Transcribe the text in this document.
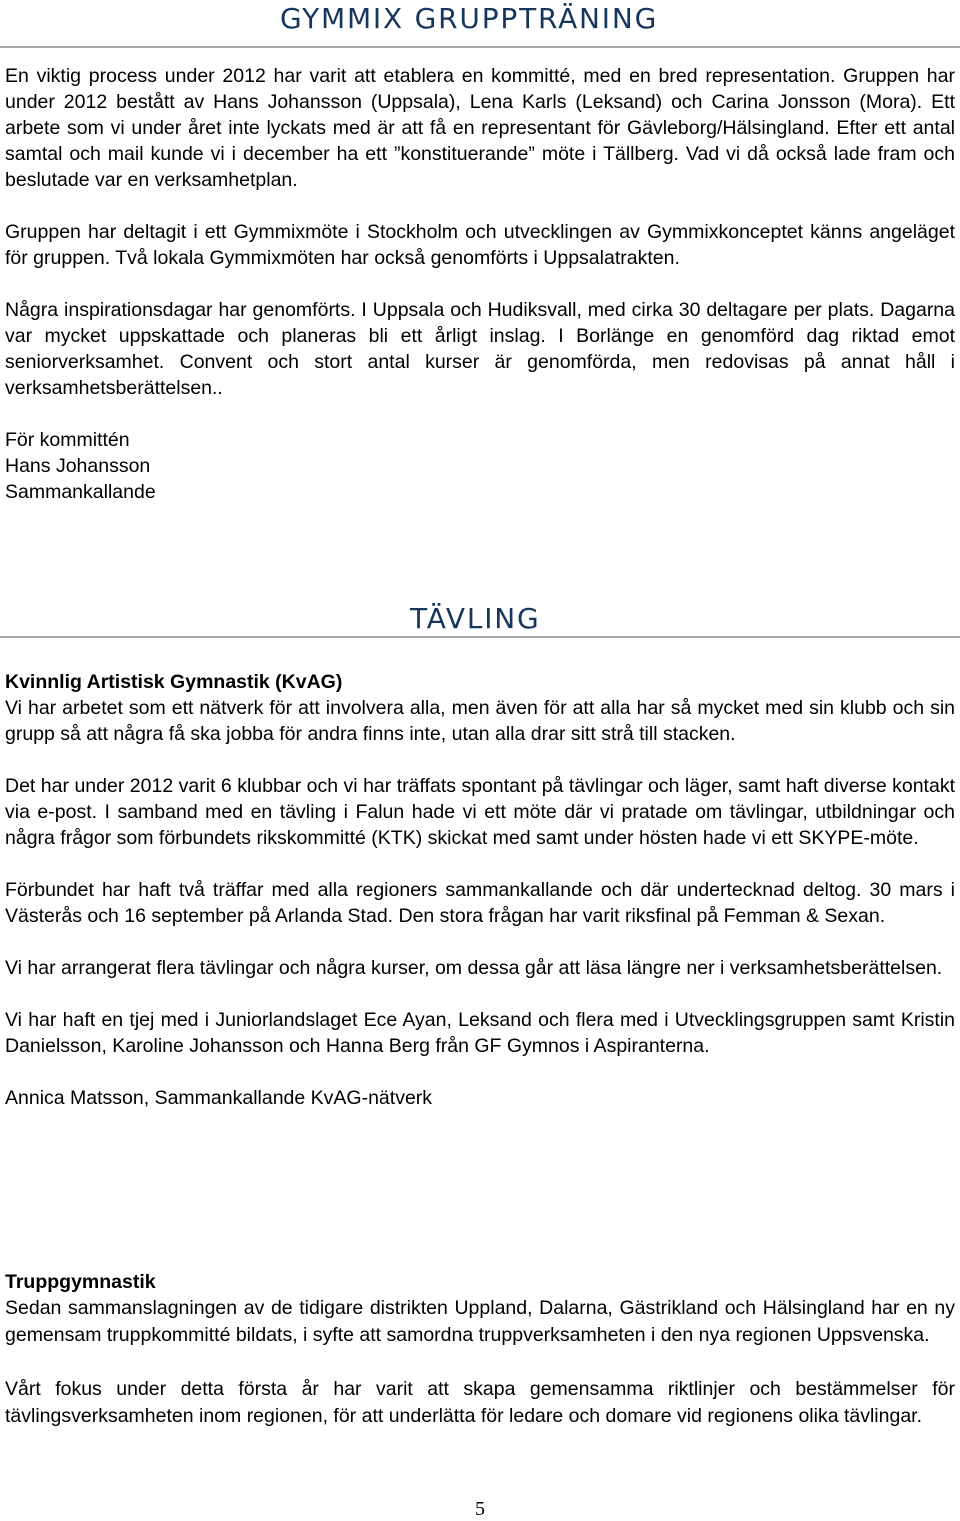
GYMMIX GRUPPTRÄNING

En viktig process under 2012 har varit att etablera en kommitté, med en bred representation. Gruppen har under 2012 bestått av Hans Johansson (Uppsala), Lena Karls (Leksand) och Carina Jonsson (Mora). Ett arbete som vi under året inte lyckats med är att få en representant för Gävleborg/Hälsingland. Efter ett antal samtal och mail kunde vi i december ha ett ”konstituerande” möte i Tällberg. Vad vi då också lade fram och beslutade var en verksamhetplan.

Gruppen har deltagit i ett Gymmixmöte i Stockholm och utvecklingen av Gymmixkonceptet känns angeläget för gruppen. Två lokala Gymmixmöten har också genomförts i Uppsalatrakten.

Några inspirationsdagar har genomförts. I Uppsala och Hudiksvall, med cirka 30 deltagare per plats. Dagarna var mycket uppskattade och planeras bli ett årligt inslag. I Borlänge en genomförd dag riktad emot seniorverksamhet. Convent och stort antal kurser är genomförda, men redovisas på annat håll i verksamhetsberättelsen..

För kommittén

Hans Johansson

Sammankallande

TÄVLING

Kvinnlig Artistisk Gymnastik (KvAG)

Vi har arbetet som ett nätverk för att involvera alla, men även för att alla har så mycket med sin klubb och sin grupp så att några få ska jobba för andra finns inte, utan alla drar sitt strå till stacken.

Det har under 2012 varit 6 klubbar och vi har träffats spontant på tävlingar och läger, samt haft diverse kontakt via e-post. I samband med en tävling i Falun hade vi ett möte där vi pratade om tävlingar, utbildningar och några frågor som förbundets rikskommitté (KTK) skickat med samt under hösten hade vi ett SKYPE-möte.

Förbundet har haft två träffar med alla regioners sammankallande och där undertecknad deltog. 30 mars i Västerås och 16 september på Arlanda Stad. Den stora frågan har varit riksfinal på Femman & Sexan.

Vi har arrangerat flera tävlingar och några kurser, om dessa går att läsa längre ner i verksamhetsberättelsen.

Vi har haft en tjej med i Juniorlandslaget Ece Ayan, Leksand och flera med i Utvecklingsgruppen samt Kristin Danielsson, Karoline Johansson och Hanna Berg från GF Gymnos i Aspiranterna.

Annica Matsson, Sammankallande KvAG-nätverk

Truppgymnastik

Sedan sammanslagningen av de tidigare distrikten Uppland, Dalarna, Gästrikland och Hälsingland har en ny gemensam truppkommitté bildats, i syfte att samordna truppverksamheten i den nya regionen Uppsvenska.

Vårt fokus under detta första år har varit att skapa gemensamma riktlinjer och bestämmelser för tävlingsverksamheten inom regionen, för att underlätta för ledare och domare vid regionens olika tävlingar.

5
